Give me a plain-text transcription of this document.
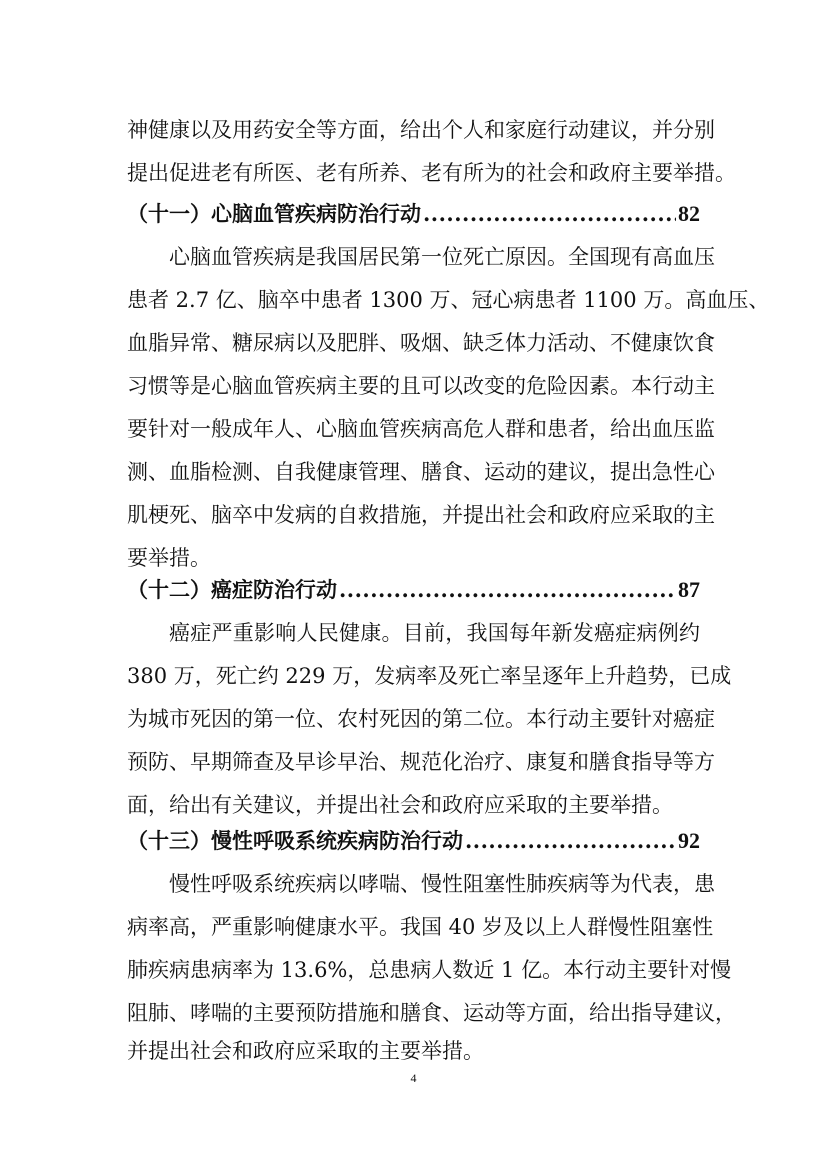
神健康以及用药安全等方面，给出个人和家庭行动建议，并分别
提出促进老有所医、老有所养、老有所为的社会和政府主要举措。
（十一）心脑血管疾病防治行动 .....	82
心脑血管疾病是我国居民第一位死亡原因。全国现有高血压
患者 2.7 亿、脑卒中患者 1300 万、冠心病患者 1100 万。高血压、
血脂异常、糖尿病以及肥胖、吸烟、缺乏体力活动、不健康饮食
习惯等是心脑血管疾病主要的且可以改变的危险因素。本行动主
要针对一般成年人、心脑血管疾病高危人群和患者，给出血压监
测、血脂检测、自我健康管理、膳食、运动的建议，提出急性心
肌梗死、脑卒中发病的自救措施，并提出社会和政府应采取的主
要举措。
（十二）癌症防治行动 .....	87
癌症严重影响人民健康。目前，我国每年新发癌症病例约
380 万，死亡约 229 万，发病率及死亡率呈逐年上升趋势，已成
为城市死因的第一位、农村死因的第二位。本行动主要针对癌症
预防、早期筛查及早诊早治、规范化治疗、康复和膳食指导等方
面，给出有关建议，并提出社会和政府应采取的主要举措。
（十三）慢性呼吸系统疾病防治行动 .....	92
慢性呼吸系统疾病以哮喘、慢性阻塞性肺疾病等为代表，患
病率高，严重影响健康水平。我国 40 岁及以上人群慢性阻塞性
肺疾病患病率为 13.6%，总患病人数近 1 亿。本行动主要针对慢
阻肺、哮喘的主要预防措施和膳食、运动等方面，给出指导建议，
并提出社会和政府应采取的主要举措。
4
